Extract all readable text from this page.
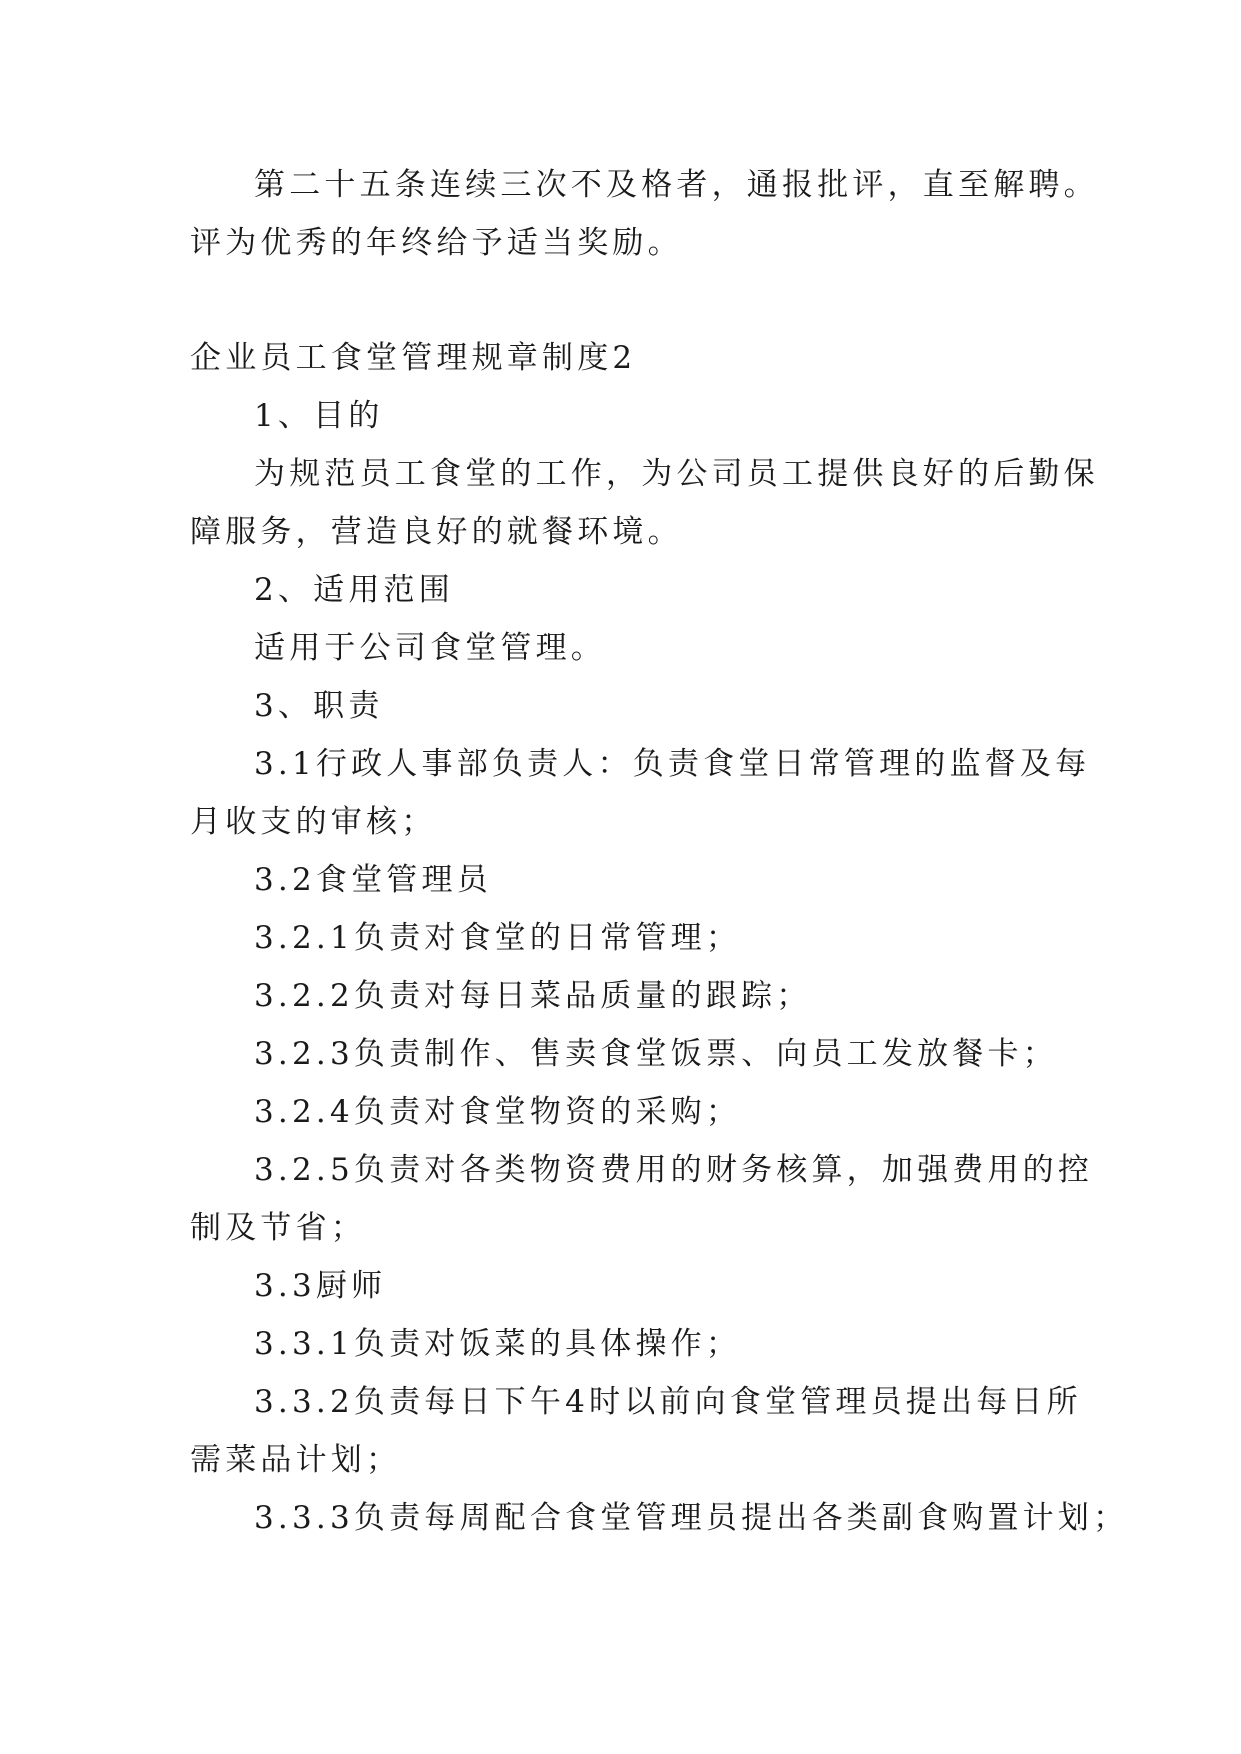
第二十五条连续三次不及格者，通报批评，直至解聘。
评为优秀的年终给予适当奖励。
企业员工食堂管理规章制度2
1、目的
为规范员工食堂的工作，为公司员工提供良好的后勤保
障服务，营造良好的就餐环境。
2、适用范围
适用于公司食堂管理。
3、职责
3.1行政人事部负责人：负责食堂日常管理的监督及每
月收支的审核；
3.2食堂管理员
3.2.1负责对食堂的日常管理；
3.2.2负责对每日菜品质量的跟踪；
3.2.3负责制作、售卖食堂饭票、向员工发放餐卡；
3.2.4负责对食堂物资的采购；
3.2.5负责对各类物资费用的财务核算，加强费用的控
制及节省；
3.3厨师
3.3.1负责对饭菜的具体操作；
3.3.2负责每日下午4时以前向食堂管理员提出每日所
需菜品计划；
3.3.3负责每周配合食堂管理员提出各类副食购置计划；
